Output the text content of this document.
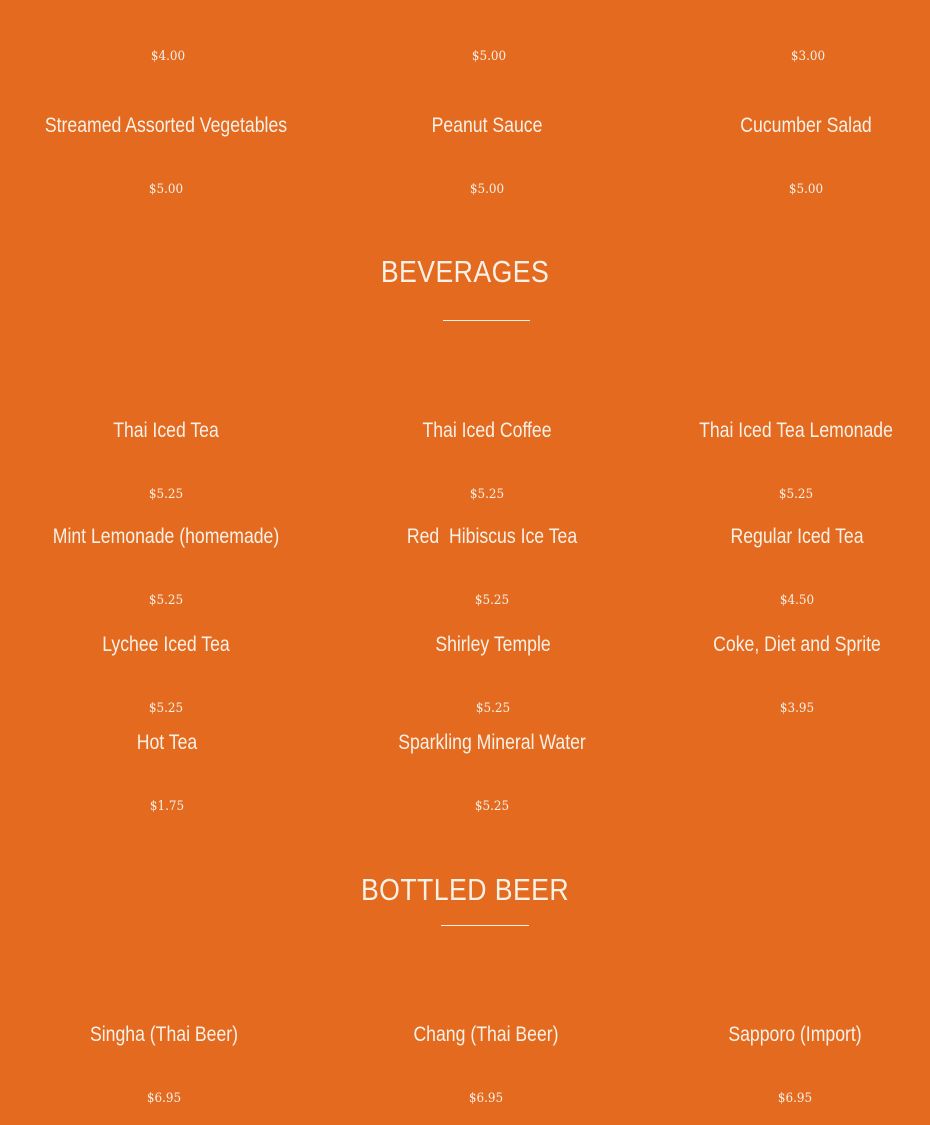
$4.00

	$5.00

	$3.00

Streamed Assorted Vegetables

$5.00

Peanut Sauce

$5.00

Cucumber Salad

$5.00

BEVERAGES

Thai Iced Tea

$5.25

Thai Iced Coffee

$5.25

Thai Iced Tea Lemonade

$5.25

Mint Lemonade (homemade)

$5.25

Red  Hibiscus Ice Tea

$5.25

Regular Iced Tea

$4.50

Lychee Iced Tea

$5.25

Shirley Temple

$5.25

Coke, Diet and Sprite

$3.95

Hot Tea

$1.75

Sparkling Mineral Water

$5.25

BOTTLED BEER

Singha (Thai Beer)

$6.95

Chang (Thai Beer)

$6.95

Sapporo (Import)

$6.95
